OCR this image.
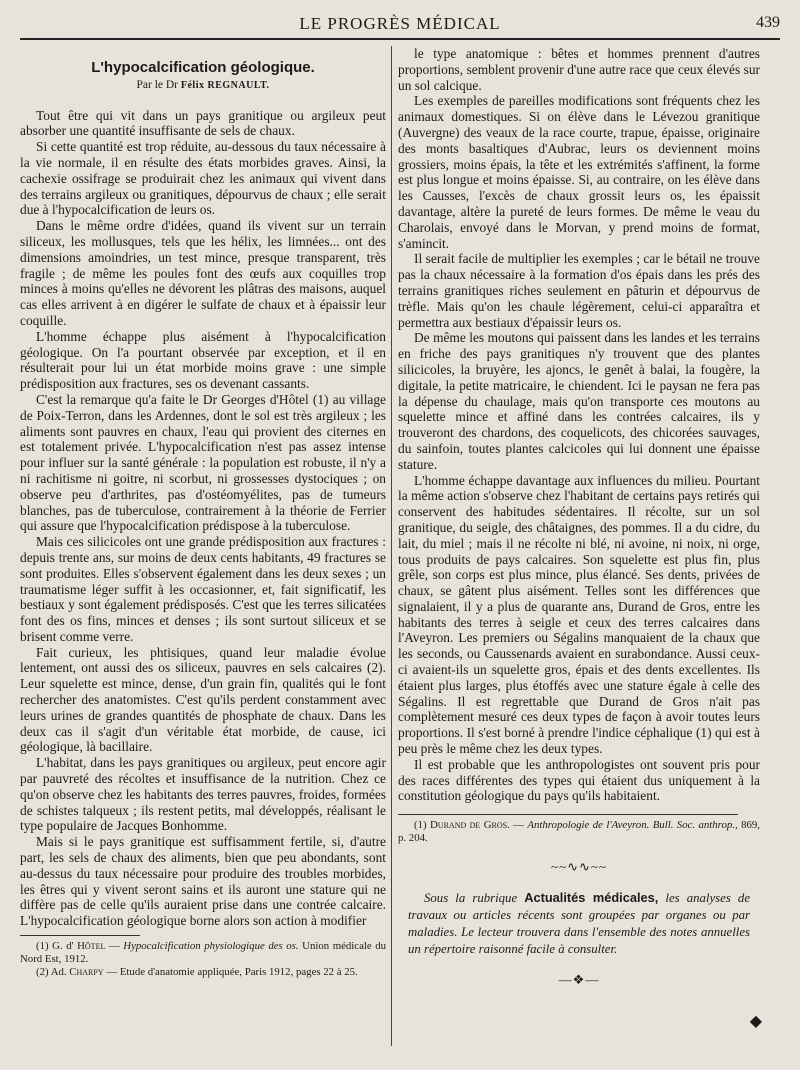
LE PROGRÈS MÉDICAL	439
L'hypocalcification géologique.
Par le Dr Félix REGNAULT.

Tout être qui vit dans un pays granitique ou argileux peut absorber une quantité insuffisante de sels de chaux.

Si cette quantité est trop réduite, au-dessous du taux nécessaire à la vie normale, il en résulte des états morbides graves. Ainsi, la cachexie ossifrage se produirait chez les animaux qui vivent dans des terrains argileux ou granitiques, dépourvus de chaux ; elle serait due à l'hypocalcification de leurs os.

Dans le même ordre d'idées, quand ils vivent sur un terrain siliceux, les mollusques, tels que les hélix, les limnées... ont des dimensions amoindries, un test mince, presque transparent, très fragile ; de même les poules font des œufs aux coquilles trop minces à moins qu'elles ne dévorent les plâtras des maisons, auquel cas elles arrivent à en digérer le sulfate de chaux et à épaissir leur coquille.

L'homme échappe plus aisément à l'hypocalcification géologique. On l'a pourtant observée par exception, et il en résulterait pour lui un état morbide moins grave : une simple prédisposition aux fractures, ses os devenant cassants.

C'est la remarque qu'a faite le Dr Georges d'Hôtel (1) au village de Poix-Terron, dans les Ardennes, dont le sol est très argileux ; les aliments sont pauvres en chaux, l'eau qui provient des citernes en est totalement privée. L'hypocalcification n'est pas assez intense pour influer sur la santé générale : la population est robuste, il n'y a ni rachitisme ni goitre, ni scorbut, ni grossesses dystociques ; on observe peu d'arthrites, pas d'ostéomyélites, pas de tumeurs blanches, pas de tuberculose, contrairement à la théorie de Ferrier qui assure que l'hypocalcification prédispose à la tuberculose.

Mais ces silicicoles ont une grande prédisposition aux fractures : depuis trente ans, sur moins de deux cents habitants, 49 fractures se sont produites. Elles s'observent également dans les deux sexes ; un traumatisme léger suffit à les occasionner, et, fait significatif, les bestiaux y sont également prédisposés. C'est que les terres silicatées font des os fins, minces et denses ; ils sont surtout siliceux et se brisent comme verre.

Fait curieux, les phtisiques, quand leur maladie évolue lentement, ont aussi des os siliceux, pauvres en sels calcaires (2). Leur squelette est mince, dense, d'un grain fin, qualités qui le font rechercher des anatomistes. C'est qu'ils perdent constamment avec leurs urines de grandes quantités de phosphate de chaux. Dans les deux cas il s'agit d'un véritable état morbide, de cause, ici géologique, là bacillaire.

L'habitat, dans les pays granitiques ou argileux, peut encore agir par pauvreté des récoltes et insuffisance de la nutrition. Chez ce qu'on observe chez les habitants des terres pauvres, froides, formées de schistes talqueux ; ils restent petits, mal développés, réalisant le type populaire de Jacques Bonhomme.

Mais si le pays granitique est suffisamment fertile, si, d'autre part, les sels de chaux des aliments, bien que peu abondants, sont au-dessus du taux nécessaire pour produire des troubles morbides, les êtres qui y vivent seront sains et ils auront une stature qui ne diffère pas de celle qu'ils auraient prise dans une contrée calcaire. L'hypocalcification géologique borne alors son action à modifier

(1) G. d' Hôtel — Hypocalcification physiologique des os. Union médicale du Nord Est, 1912.

(2) Ad. Charpy — Etude d'anatomie appliquée, Paris 1912, pages 22 à 25.

le type anatomique : bêtes et hommes prennent d'autres proportions, semblent provenir d'une autre race que ceux élevés sur un sol calcique.

Les exemples de pareilles modifications sont fréquents chez les animaux domestiques. Si on élève dans le Lévezou granitique (Auvergne) des veaux de la race courte, trapue, épaisse, originaire des monts basaltiques d'Aubrac, leurs os deviennent moins grossiers, moins épais, la tête et les extrémités s'affinent, la forme est plus longue et moins épaisse. Si, au contraire, on les élève dans les Causses, l'excès de chaux grossit leurs os, les épaissit davantage, altère la pureté de leurs formes. De même le veau du Charolais, envoyé dans le Morvan, y prend moins de format, s'amincit.

Il serait facile de multiplier les exemples ; car le bétail ne trouve pas la chaux nécessaire à la formation d'os épais dans les prés des terrains granitiques riches seulement en pâturin et dépourvus de trèfle. Mais qu'on les chaule légèrement, celui-ci apparaîtra et permettra aux bestiaux d'épaissir leurs os.

De même les moutons qui paissent dans les landes et les terrains en friche des pays granitiques n'y trouvent que des plantes silicicoles, la bruyère, les ajoncs, le genêt à balai, la fougère, la digitale, la petite matricaire, le chiendent. Ici le paysan ne fera pas la dépense du chaulage, mais qu'on transporte ces moutons au squelette mince et affiné dans les contrées calcaires, ils y trouveront des chardons, des coquelicots, des chicorées sauvages, du sainfoin, toutes plantes calcicoles qui lui donnent une épaisse stature.

L'homme échappe davantage aux influences du milieu. Pourtant la même action s'observe chez l'habitant de certains pays retirés qui conservent des habitudes sédentaires. Il récolte, sur un sol granitique, du seigle, des châtaignes, des pommes. Il a du cidre, du lait, du miel ; mais il ne récolte ni blé, ni avoine, ni noix, ni orge, tous produits de pays calcaires. Son squelette est plus fin, plus grêle, son corps est plus mince, plus élancé. Ses dents, privées de chaux, se gâtent plus aisément. Telles sont les différences que signalaient, il y a plus de quarante ans, Durand de Gros, entre les habitants des terres à seigle et ceux des terres calcaires dans l'Aveyron. Les premiers ou Ségalins manquaient de la chaux que les seconds, ou Caussenards avaient en surabondance. Aussi ceux-ci avaient-ils un squelette gros, épais et des dents excellentes. Ils étaient plus larges, plus étoffés avec une stature égale à celle des Ségalins. Il est regrettable que Durand de Gros n'ait pas complètement mesuré ces deux types de façon à avoir toutes leurs proportions. Il s'est borné à prendre l'indice céphalique (1) qui est à peu près le même chez les deux types.

Il est probable que les anthropologistes ont souvent pris pour des races différentes des types qui étaient dus uniquement à la constitution géologique du pays qu'ils habitaient.

(1) Durand de Gros. — Anthropologie de l'Aveyron. Bull. Soc. anthrop., 869, p. 204.

~~∿∿~~

Sous la rubrique Actualités médicales, les analyses de travaux ou articles récents sont groupées par organes ou par maladies. Le lecteur trouvera dans l'ensemble des notes annuelles un répertoire raisonné facile à consulter.

—❖—
◆
